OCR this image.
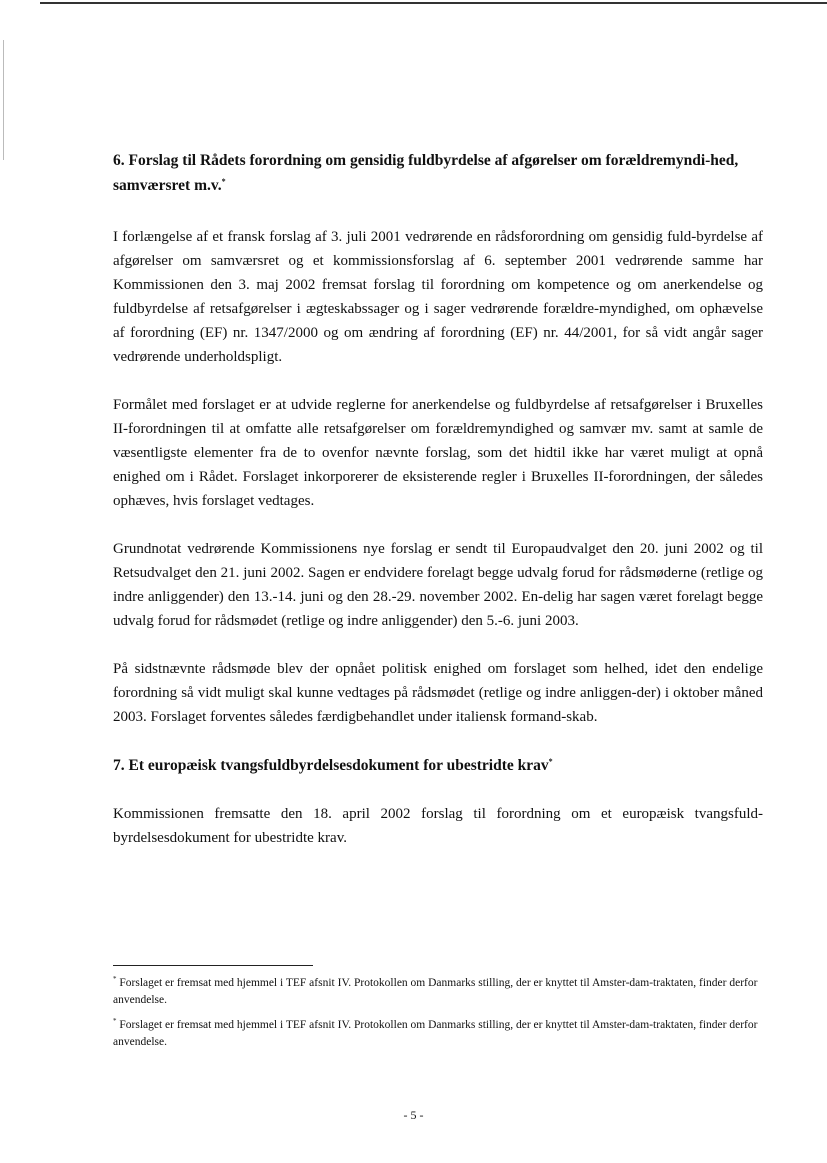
6. Forslag til Rådets forordning om gensidig fuldbyrdelse af afgørelser om forældremyndi-hed, samværsret m.v.*

I forlængelse af et fransk forslag af 3. juli 2001 vedrørende en rådsforordning om gensidig fuld-byrdelse af afgørelser om samværsret og et kommissionsforslag af 6. september 2001 vedrørende samme har Kommissionen den 3. maj 2002 fremsat forslag til forordning om kompetence og om anerkendelse og fuldbyrdelse af retsafgørelser i ægteskabssager og i sager vedrørende forældre-myndighed, om ophævelse af forordning (EF) nr. 1347/2000 og om ændring af forordning (EF) nr. 44/2001, for så vidt angår sager vedrørende underholdspligt.

Formålet med forslaget er at udvide reglerne for anerkendelse og fuldbyrdelse af retsafgørelser i Bruxelles II-forordningen til at omfatte alle retsafgørelser om forældremyndighed og samvær mv. samt at samle de væsentligste elementer fra de to ovenfor nævnte forslag, som det hidtil ikke har været muligt at opnå enighed om i Rådet. Forslaget inkorporerer de eksisterende regler i Bruxelles II-forordningen, der således ophæves, hvis forslaget vedtages.

Grundnotat vedrørende Kommissionens nye forslag er sendt til Europaudvalget den 20. juni 2002 og til Retsudvalget den 21. juni 2002. Sagen er endvidere forelagt begge udvalg forud for rådsmøderne (retlige og indre anliggender) den 13.-14. juni og den 28.-29. november 2002. En-delig har sagen været forelagt begge udvalg forud for rådsmødet (retlige og indre anliggender) den 5.-6. juni 2003.

På sidstnævnte rådsmøde blev der opnået politisk enighed om forslaget som helhed, idet den endelige forordning så vidt muligt skal kunne vedtages på rådsmødet (retlige og indre anliggen-der) i oktober måned 2003. Forslaget forventes således færdigbehandlet under italiensk formand-skab.

7. Et europæisk tvangsfuldbyrdelsesdokument for ubestridte krav*

Kommissionen fremsatte den 18. april 2002 forslag til forordning om et europæisk tvangsfuld-byrdelsesdokument for ubestridte krav.

* Forslaget er fremsat med hjemmel i TEF afsnit IV. Protokollen om Danmarks stilling, der er knyttet til Amster-dam-traktaten, finder derfor anvendelse.

* Forslaget er fremsat med hjemmel i TEF afsnit IV. Protokollen om Danmarks stilling, der er knyttet til Amster-dam-traktaten, finder derfor anvendelse.

- 5 -
